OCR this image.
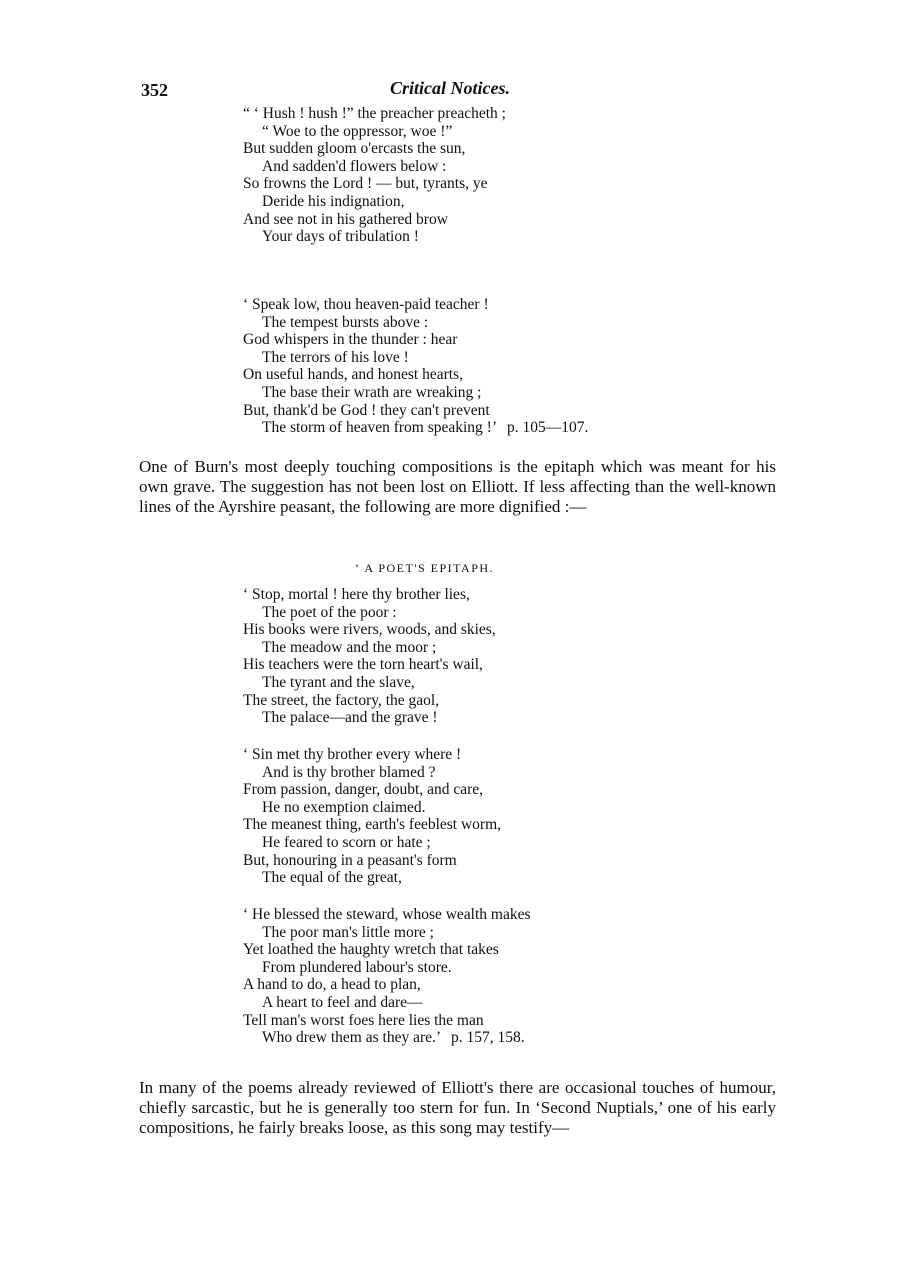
352	Critical Notices.
“ ‘ Hush ! hush !” the preacher preacheth ;
“ Woe to the oppressor, woe !”
But sudden gloom o'ercasts the sun,
And sadden'd flowers below :
So frowns the Lord ! — but, tyrants, ye
Deride his indignation,
And see not in his gathered brow
Your days of tribulation !
‘ Speak low, thou heaven-paid teacher !
The tempest bursts above :
God whispers in the thunder : hear
The terrors of his love !
On useful hands, and honest hearts,
The base their wrath are wreaking ;
But, thank'd be God ! they can't prevent
The storm of heaven from speaking !’ p. 105—107.
One of Burn's most deeply touching compositions is the epitaph which was meant for his own grave. The suggestion has not been lost on Elliott. If less affecting than the well-known lines of the Ayrshire peasant, the following are more dignified :—
‘ A POET'S EPITAPH.
‘ Stop, mortal ! here thy brother lies,
The poet of the poor :
His books were rivers, woods, and skies,
The meadow and the moor ;
His teachers were the torn heart's wail,
The tyrant and the slave,
The street, the factory, the gaol,
The palace—and the grave !
‘ Sin met thy brother every where !
And is thy brother blamed ?
From passion, danger, doubt, and care,
He no exemption claimed.
The meanest thing, earth's feeblest worm,
He feared to scorn or hate ;
But, honouring in a peasant's form
The equal of the great,
‘ He blessed the steward, whose wealth makes
The poor man's little more ;
Yet loathed the haughty wretch that takes
From plundered labour's store.
A hand to do, a head to plan,
A heart to feel and dare—
Tell man's worst foes here lies the man
Who drew them as they are.’ p. 157, 158.
In many of the poems already reviewed of Elliott's there are occasional touches of humour, chiefly sarcastic, but he is generally too stern for fun. In ‘Second Nuptials,’ one of his early compositions, he fairly breaks loose, as this song may testify—
